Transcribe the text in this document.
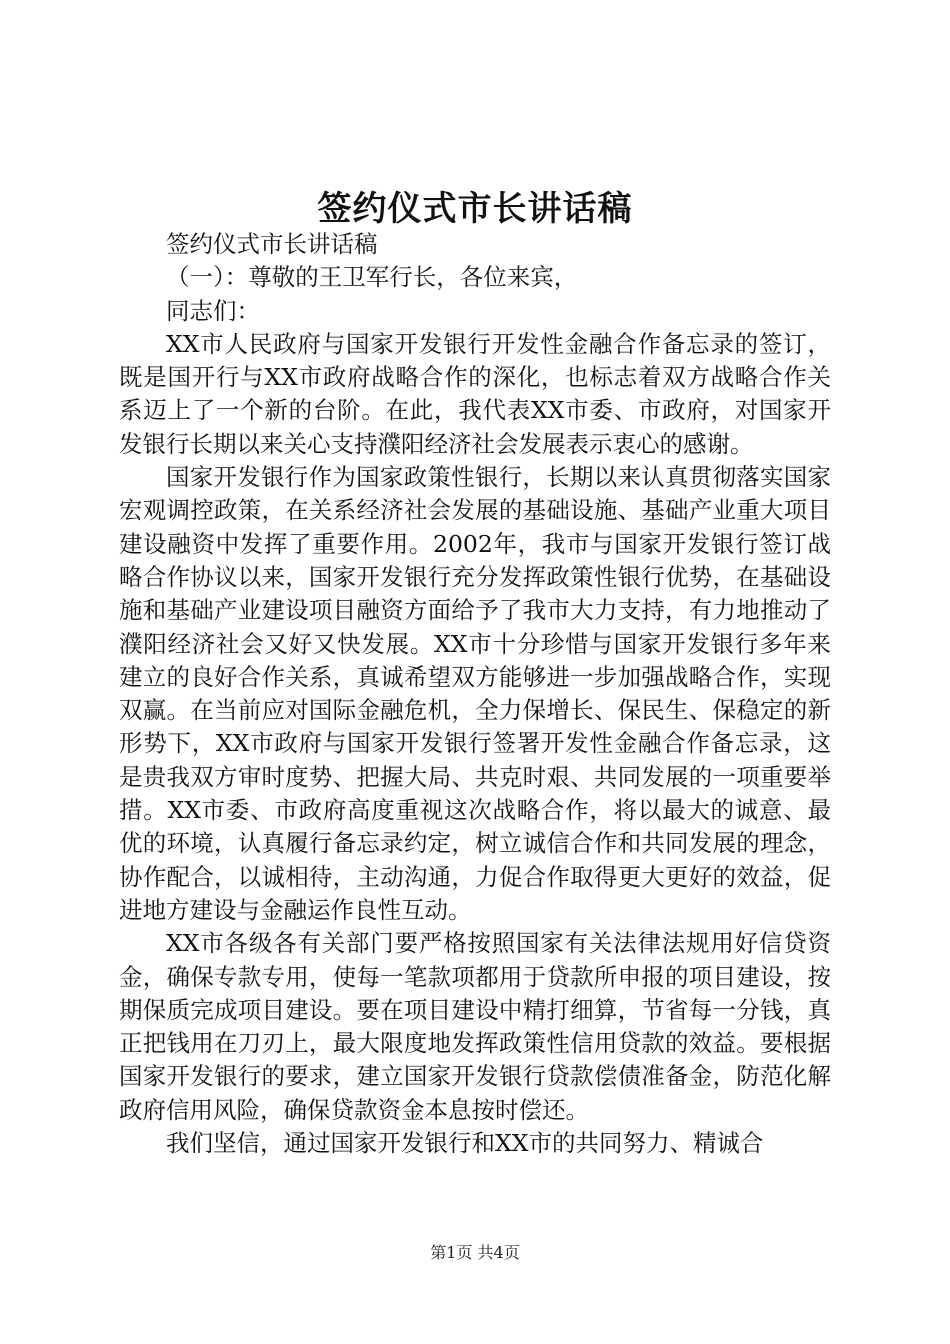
签约仪式市长讲话稿

签约仪式市长讲话稿

（一）：尊敬的王卫军行长，各位来宾，

同志们：

XX市人民政府与国家开发银行开发性金融合作备忘录的签订，既是国开行与XX市政府战略合作的深化，也标志着双方战略合作关系迈上了一个新的台阶。在此，我代表XX市委、市政府，对国家开发银行长期以来关心支持濮阳经济社会发展表示衷心的感谢。

国家开发银行作为国家政策性银行，长期以来认真贯彻落实国家宏观调控政策，在关系经济社会发展的基础设施、基础产业重大项目建设融资中发挥了重要作用。2002年，我市与国家开发银行签订战略合作协议以来，国家开发银行充分发挥政策性银行优势，在基础设施和基础产业建设项目融资方面给予了我市大力支持，有力地推动了濮阳经济社会又好又快发展。XX市十分珍惜与国家开发银行多年来建立的良好合作关系，真诚希望双方能够进一步加强战略合作，实现双赢。在当前应对国际金融危机，全力保增长、保民生、保稳定的新形势下，XX市政府与国家开发银行签署开发性金融合作备忘录，这是贵我双方审时度势、把握大局、共克时艰、共同发展的一项重要举措。XX市委、市政府高度重视这次战略合作，将以最大的诚意、最优的环境，认真履行备忘录约定，树立诚信合作和共同发展的理念，协作配合，以诚相待，主动沟通，力促合作取得更大更好的效益，促进地方建设与金融运作良性互动。

XX市各级各有关部门要严格按照国家有关法律法规用好信贷资金，确保专款专用，使每一笔款项都用于贷款所申报的项目建设，按期保质完成项目建设。要在项目建设中精打细算，节省每一分钱，真正把钱用在刀刃上，最大限度地发挥政策性信用贷款的效益。要根据国家开发银行的要求，建立国家开发银行贷款偿债准备金，防范化解政府信用风险，确保贷款资金本息按时偿还。

我们坚信，通过国家开发银行和XX市的共同努力、精诚合

第1页 共4页
